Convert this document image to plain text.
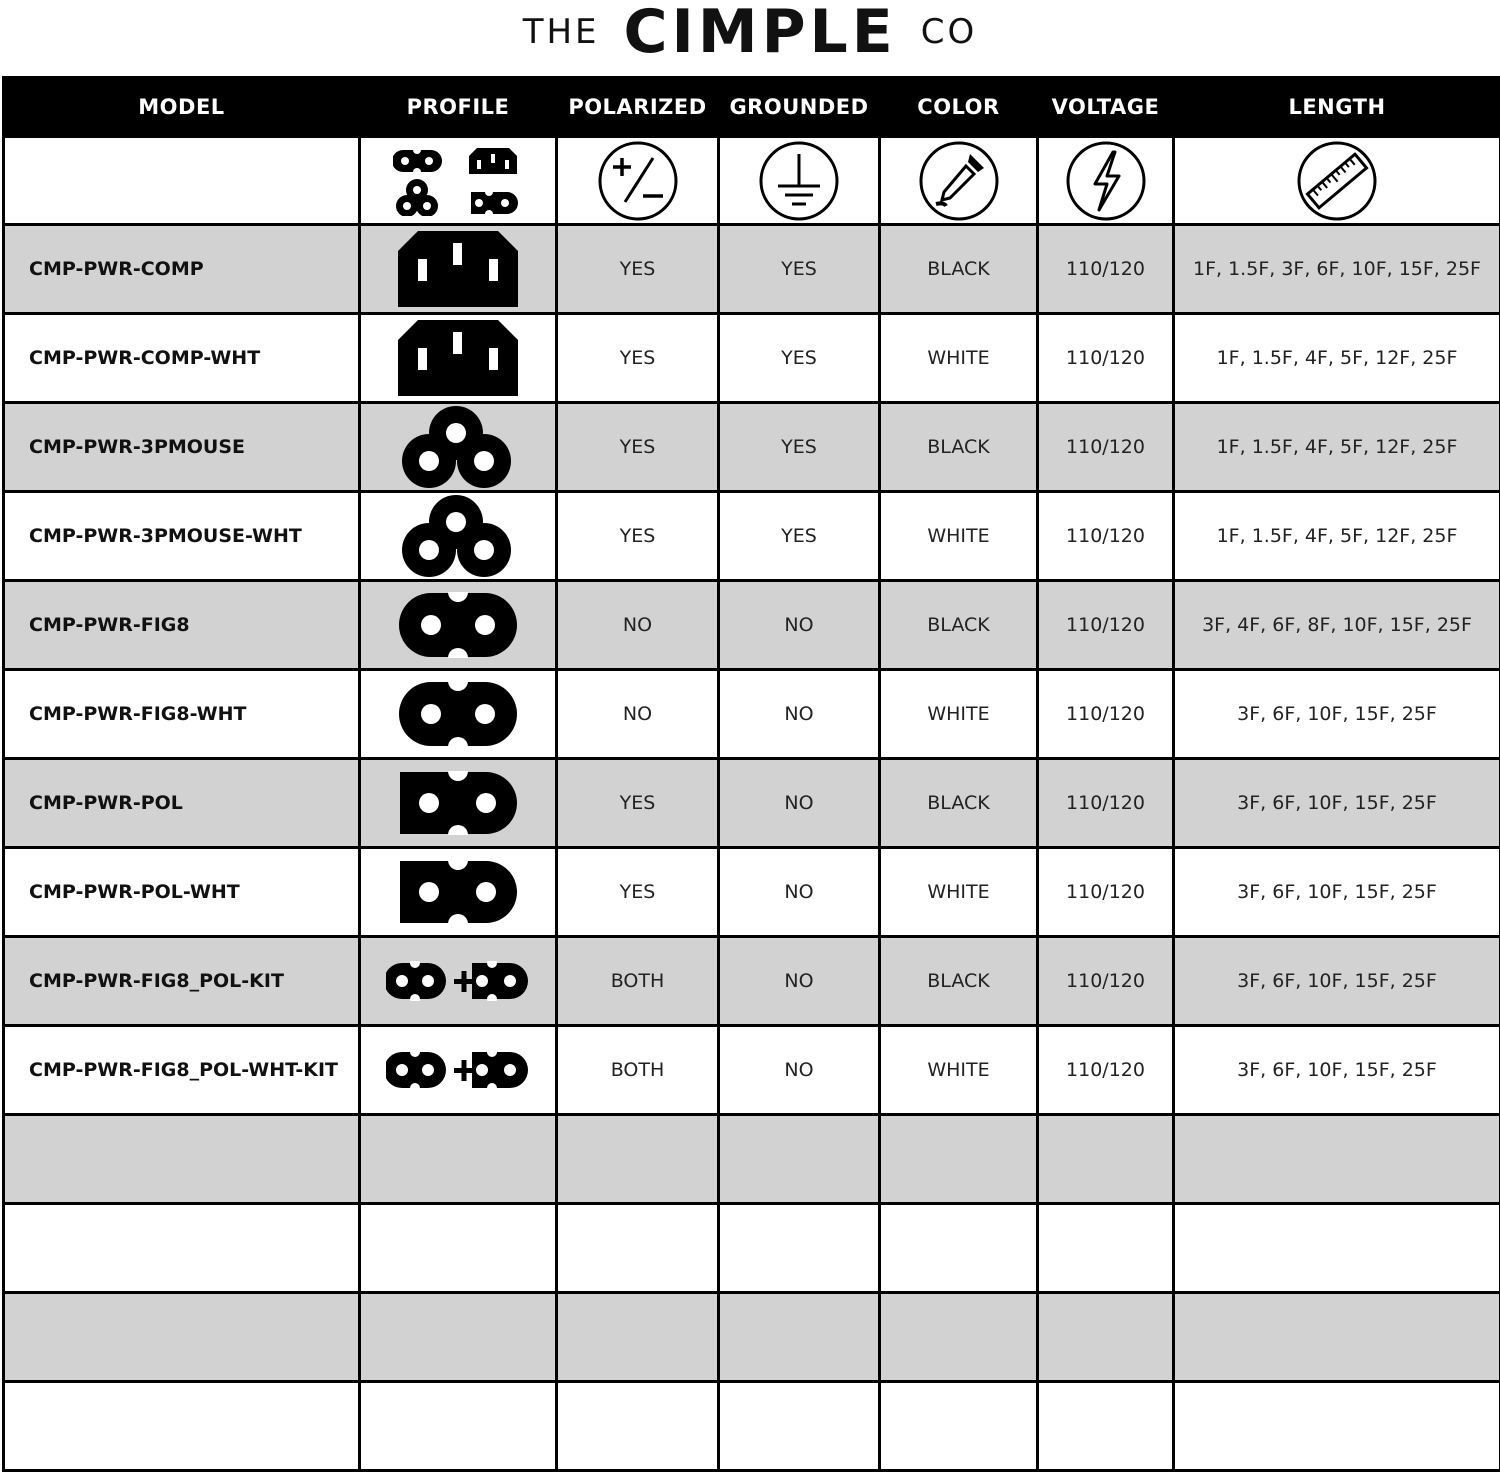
THE CIMPLE CO
MODEL	PROFILE	POLARIZED	GROUNDED	COLOR	VOLTAGE	LENGTH

CMP-PWR-COMP		YES	YES	BLACK	110/120	1F, 1.5F, 3F, 6F, 10F, 15F, 25F
CMP-PWR-COMP-WHT		YES	YES	WHITE	110/120	1F, 1.5F, 4F, 5F, 12F, 25F
CMP-PWR-3PMOUSE		YES	YES	BLACK	110/120	1F, 1.5F, 4F, 5F, 12F, 25F
CMP-PWR-3PMOUSE-WHT		YES	YES	WHITE	110/120	1F, 1.5F, 4F, 5F, 12F, 25F
CMP-PWR-FIG8		NO	NO	BLACK	110/120	3F, 4F, 6F, 8F, 10F, 15F, 25F
CMP-PWR-FIG8-WHT		NO	NO	WHITE	110/120	3F, 6F, 10F, 15F, 25F
CMP-PWR-POL		YES	NO	BLACK	110/120	3F, 6F, 10F, 15F, 25F
CMP-PWR-POL-WHT		YES	NO	WHITE	110/120	3F, 6F, 10F, 15F, 25F
CMP-PWR-FIG8_POL-KIT		BOTH	NO	BLACK	110/120	3F, 6F, 10F, 15F, 25F
CMP-PWR-FIG8_POL-WHT-KIT		BOTH	NO	WHITE	110/120	3F, 6F, 10F, 15F, 25F
